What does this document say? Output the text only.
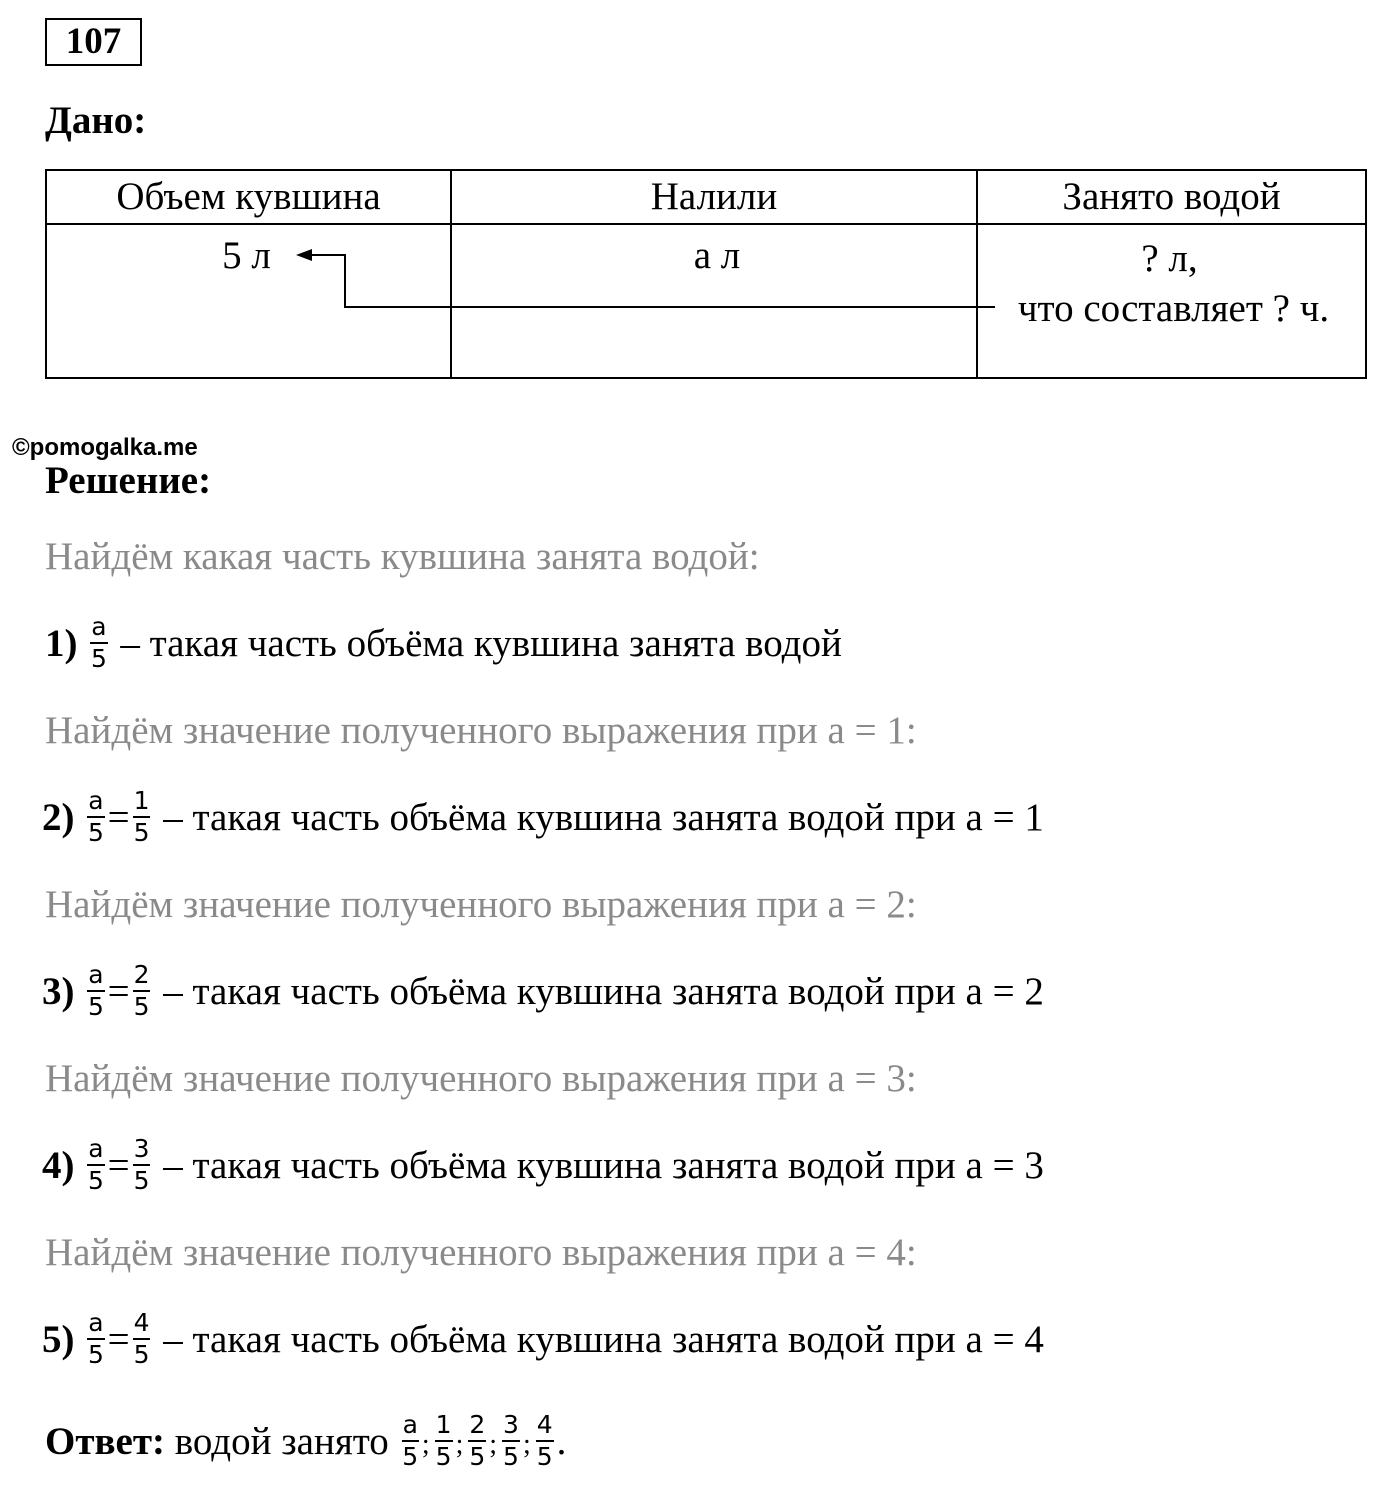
107
Дано:
Объем кувшина	Налили	Занято водой

5 л	а л	? л,
что составляет ? ч.
©pomogalka.me
Решение:
Найдём какая часть кувшина занята водой:
$1) \frac{a}{5}$ – такая часть объёма кувшина занята водой
Найдём значение полученного выражения при а = 1:
$2) \frac{a}{5} = \frac{1}{5}$ – такая часть объёма кувшина занята водой при а = 1
Найдём значение полученного выражения при а = 2:
$3) \frac{a}{5} = \frac{2}{5}$ – такая часть объёма кувшина занята водой при а = 2
Найдём значение полученного выражения при а = 3:
$4) \frac{a}{5} = \frac{3}{5}$ – такая часть объёма кувшина занята водой при а = 3
Найдём значение полученного выражения при а = 4:
$5) \frac{a}{5} = \frac{4}{5}$ – такая часть объёма кувшина занята водой при а = 4
Ответ: водой занято $\frac{a}{5}$ ; $\frac{1}{5}$ ; $\frac{2}{5}$ ; $\frac{3}{5}$ ; $\frac{4}{5}$ .
